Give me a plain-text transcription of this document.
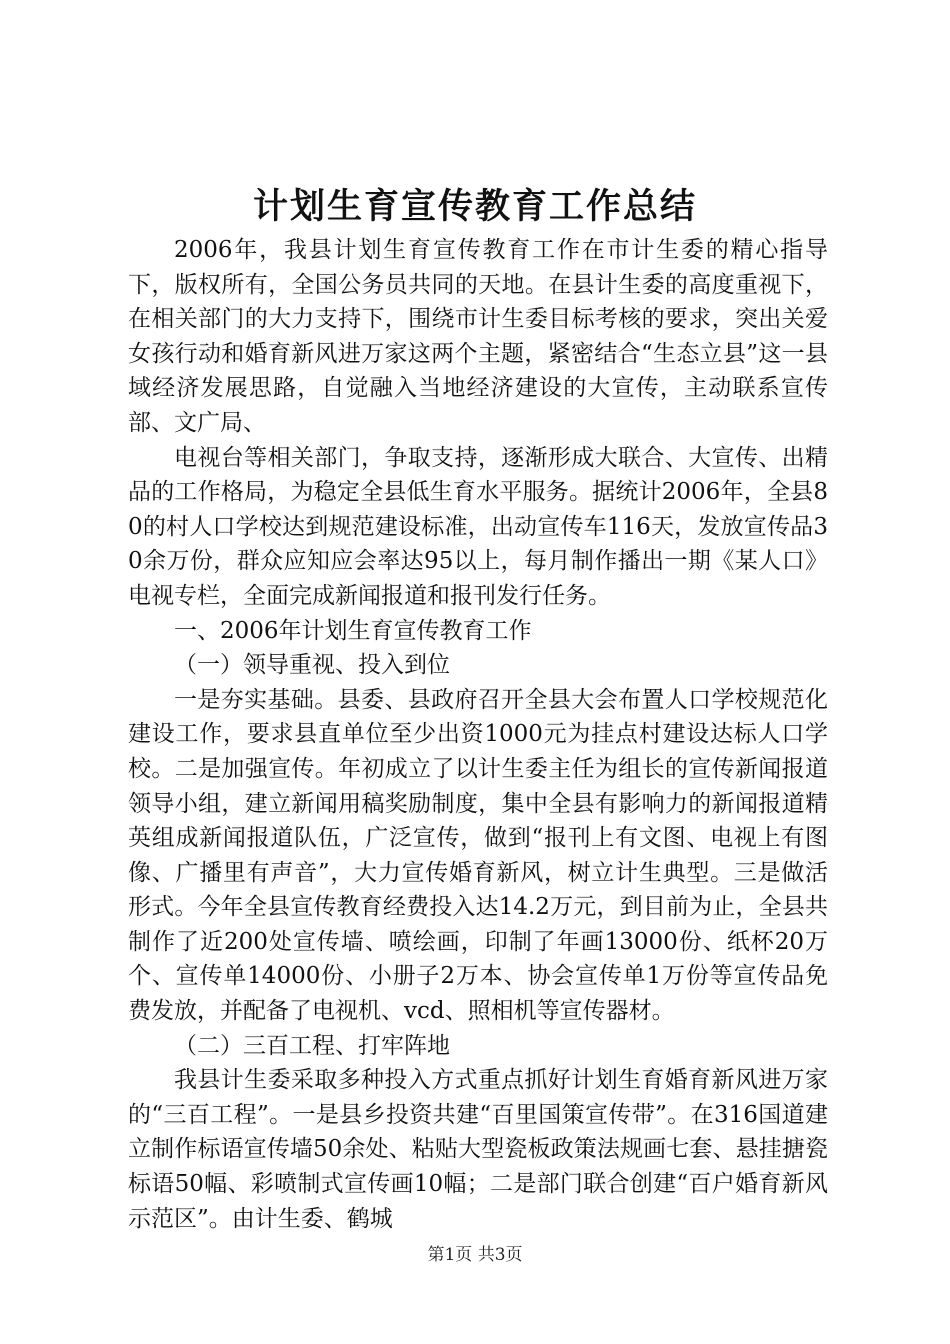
计划生育宣传教育工作总结

2006年，我县计划生育宣传教育工作在市计生委的精心指导下，版权所有，全国公务员共同的天地。在县计生委的高度重视下，在相关部门的大力支持下，围绕市计生委目标考核的要求，突出关爱女孩行动和婚育新风进万家这两个主题，紧密结合“生态立县”这一县域经济发展思路，自觉融入当地经济建设的大宣传，主动联系宣传部、文广局、

电视台等相关部门，争取支持，逐渐形成大联合、大宣传、出精品的工作格局，为稳定全县低生育水平服务。据统计2006年，全县80的村人口学校达到规范建设标准，出动宣传车116天，发放宣传品30余万份，群众应知应会率达95以上，每月制作播出一期《某人口》电视专栏，全面完成新闻报道和报刊发行任务。

一、2006年计划生育宣传教育工作

（一）领导重视、投入到位

一是夯实基础。县委、县政府召开全县大会布置人口学校规范化建设工作，要求县直单位至少出资1000元为挂点村建设达标人口学校。二是加强宣传。年初成立了以计生委主任为组长的宣传新闻报道领导小组，建立新闻用稿奖励制度，集中全县有影响力的新闻报道精英组成新闻报道队伍，广泛宣传，做到“报刊上有文图、电视上有图像、广播里有声音”，大力宣传婚育新风，树立计生典型。三是做活形式。今年全县宣传教育经费投入达14.2万元，到目前为止，全县共制作了近200处宣传墙、喷绘画，印制了年画13000份、纸杯20万个、宣传单14000份、小册子2万本、协会宣传单1万份等宣传品免费发放，并配备了电视机、vcd、照相机等宣传器材。

（二）三百工程、打牢阵地

我县计生委采取多种投入方式重点抓好计划生育婚育新风进万家的“三百工程”。一是县乡投资共建“百里国策宣传带”。在316国道建立制作标语宣传墙50余处、粘贴大型瓷板政策法规画七套、悬挂搪瓷标语50幅、彩喷制式宣传画10幅；二是部门联合创建“百户婚育新风示范区”。由计生委、鹤城

第1页 共3页
